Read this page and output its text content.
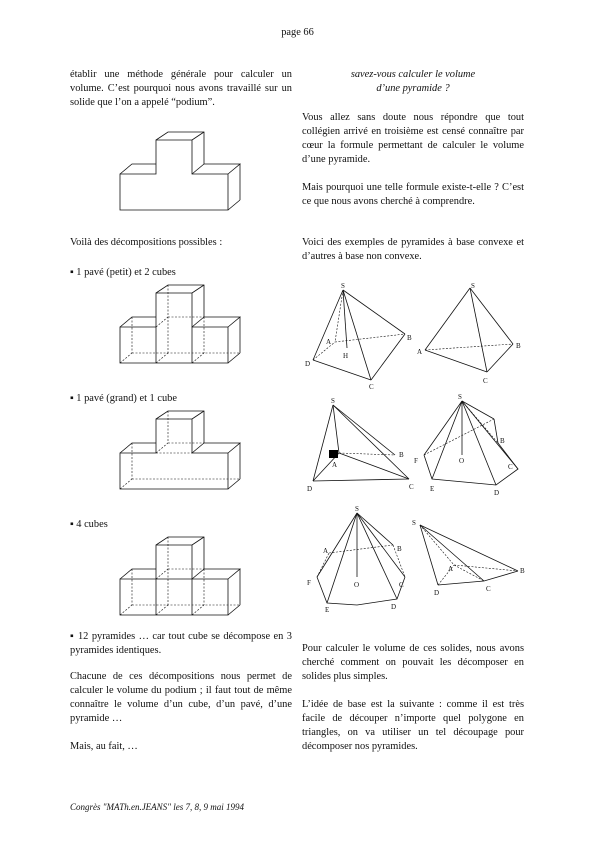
page 66

établir une méthode générale pour calculer un volume. C’est pourquoi nous avons travaillé sur un solide que l’on a appelé “podium”.

Voilà des décompositions possibles :

▪ 1 pavé (petit) et 2 cubes

▪ 1 pavé (grand) et 1 cube

▪ 4 cubes

▪ 12 pyramides … car tout cube se décompose en 3 pyramides identiques.

Chacune de ces décompositions nous permet de calculer le volume du podium ; il faut tout de même connaître le volume d’un cube, d’un pavé, d’une pyramide …

Mais, au fait, …

savez-vous calculer le volume

d’une pyramide ?

Vous allez sans doute nous répondre que tout collégien arrivé en troisième est censé connaître par cœur la formule permettant de calculer le volume d’une pyramide.

Mais pourquoi une telle formule existe-t-elle ? C’est ce que nous avons cherché à comprendre.

Voici des exemples de pyramides à base convexe et d’autres à base non convexe.

S
A
H
B
D
C
S
A
B
C
S
A
D
B
C
S
F	O
B
C
E	D
S
A	B
F	O	C
E	D
S
A	B
C
D

Pour calculer le volume de ces solides, nous avons cherché comment on pouvait les décomposer en solides plus simples.

L’idée de base est la suivante : comme il est très facile de découper n’importe quel polygone en triangles, on va utiliser un tel découpage pour décomposer nos pyramides.

Congrès "MATh.en.JEANS" les 7, 8, 9 mai 1994
